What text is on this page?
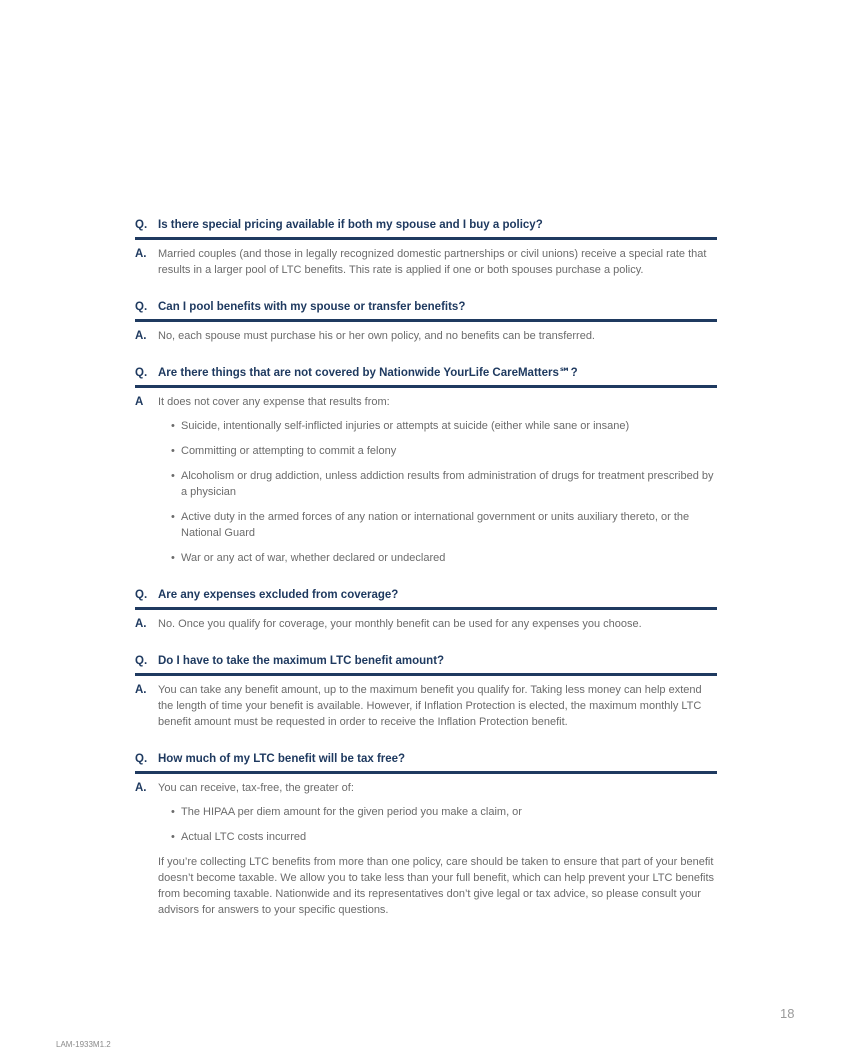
Q. Is there special pricing available if both my spouse and I buy a policy?
A.	Married couples (and those in legally recognized domestic partnerships or civil unions) receive a special rate that results in a larger pool of LTC benefits. This rate is applied if one or both spouses purchase a policy.

Q. Can I pool benefits with my spouse or transfer benefits?
A.	No, each spouse must purchase his or her own policy, and no benefits can be transferred.

Q. Are there things that are not covered by Nationwide YourLife CareMatters℠?
A	It does not cover any expense that results from:

• Suicide, intentionally self-inflicted injuries or attempts at suicide (either while sane or insane)
• Committing or attempting to commit a felony
• Alcoholism or drug addiction, unless addiction results from administration of drugs for treatment prescribed by a physician
• Active duty in the armed forces of any nation or international government or units auxiliary thereto, or the National Guard
• War or any act of war, whether declared or undeclared
Q. Are any expenses excluded from coverage?
A.	No. Once you qualify for coverage, your monthly benefit can be used for any expenses you choose.

Q. Do I have to take the maximum LTC benefit amount?
A.	You can take any benefit amount, up to the maximum benefit you qualify for. Taking less money can help extend the length of time your benefit is available. However, if Inflation Protection is elected, the maximum monthly LTC benefit amount must be requested in order to receive the Inflation Protection benefit.

Q. How much of my LTC benefit will be tax free?
A.	You can receive, tax-free, the greater of:

• The HIPAA per diem amount for the given period you make a claim, or
• Actual LTC costs incurred

If you’re collecting LTC benefits from more than one policy, care should be taken to ensure that part of your benefit doesn’t become taxable. We allow you to take less than your full benefit, which can help prevent your LTC benefits from becoming taxable. Nationwide and its representatives don’t give legal or tax advice, so please consult your advisors for answers to your specific questions.

18
LAM-1933M1.2
